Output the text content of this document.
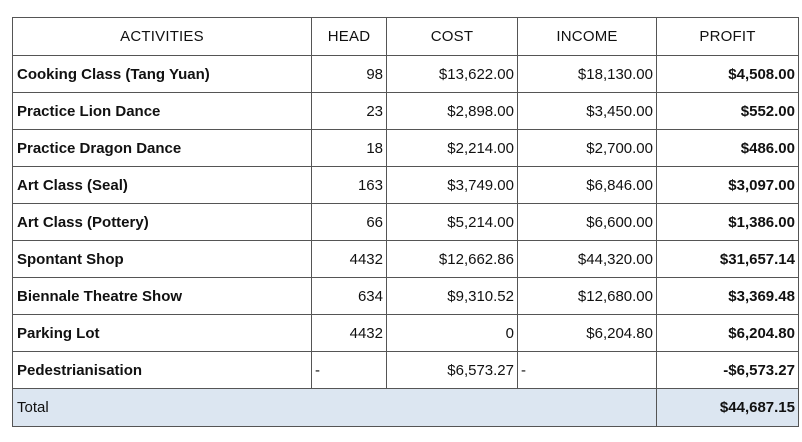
ACTIVITIES	HEAD	COST	INCOME	PROFIT
Cooking Class (Tang Yuan)	98	$13,622.00	$18,130.00	$4,508.00
Practice Lion Dance	23	$2,898.00	$3,450.00	$552.00
Practice Dragon Dance	18	$2,214.00	$2,700.00	$486.00
Art Class (Seal)	163	$3,749.00	$6,846.00	$3,097.00
Art Class (Pottery)	66	$5,214.00	$6,600.00	$1,386.00
Spontant Shop	4432	$12,662.86	$44,320.00	$31,657.14
Biennale Theatre Show	634	$9,310.52	$12,680.00	$3,369.48
Parking Lot	4432	0	$6,204.80	$6,204.80
Pedestrianisation	-	$6,573.27	-	-$6,573.27
Total				$44,687.15
